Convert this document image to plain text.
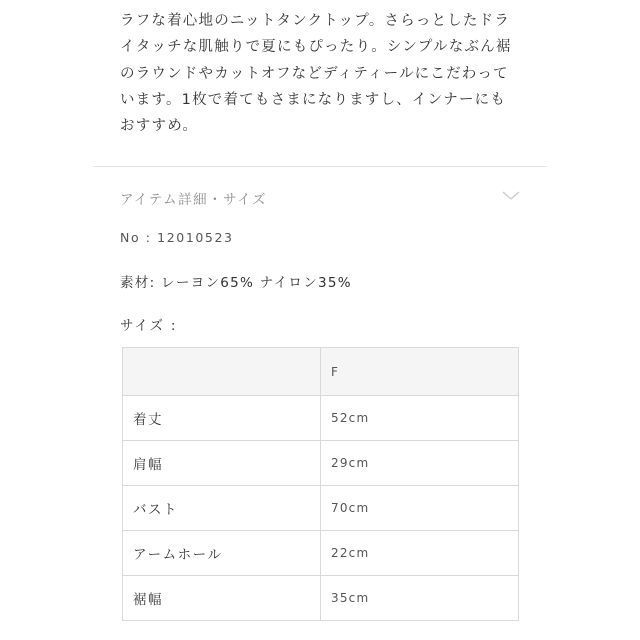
ラフな着心地のニットタンクトップ。さらっとしたドライタッチな肌触りで夏にもぴったり。シンプルなぶん裾のラウンドやカットオフなどディティールにこだわっています。1枚で着てもさまになりますし、インナーにもおすすめ。
アイテム詳細・サイズ
No : 12010523
素材: レーヨン65% ナイロン35%
サイズ :
	F
着丈	52cm
肩幅	29cm
バスト	70cm
アームホール	22cm
裾幅	35cm
